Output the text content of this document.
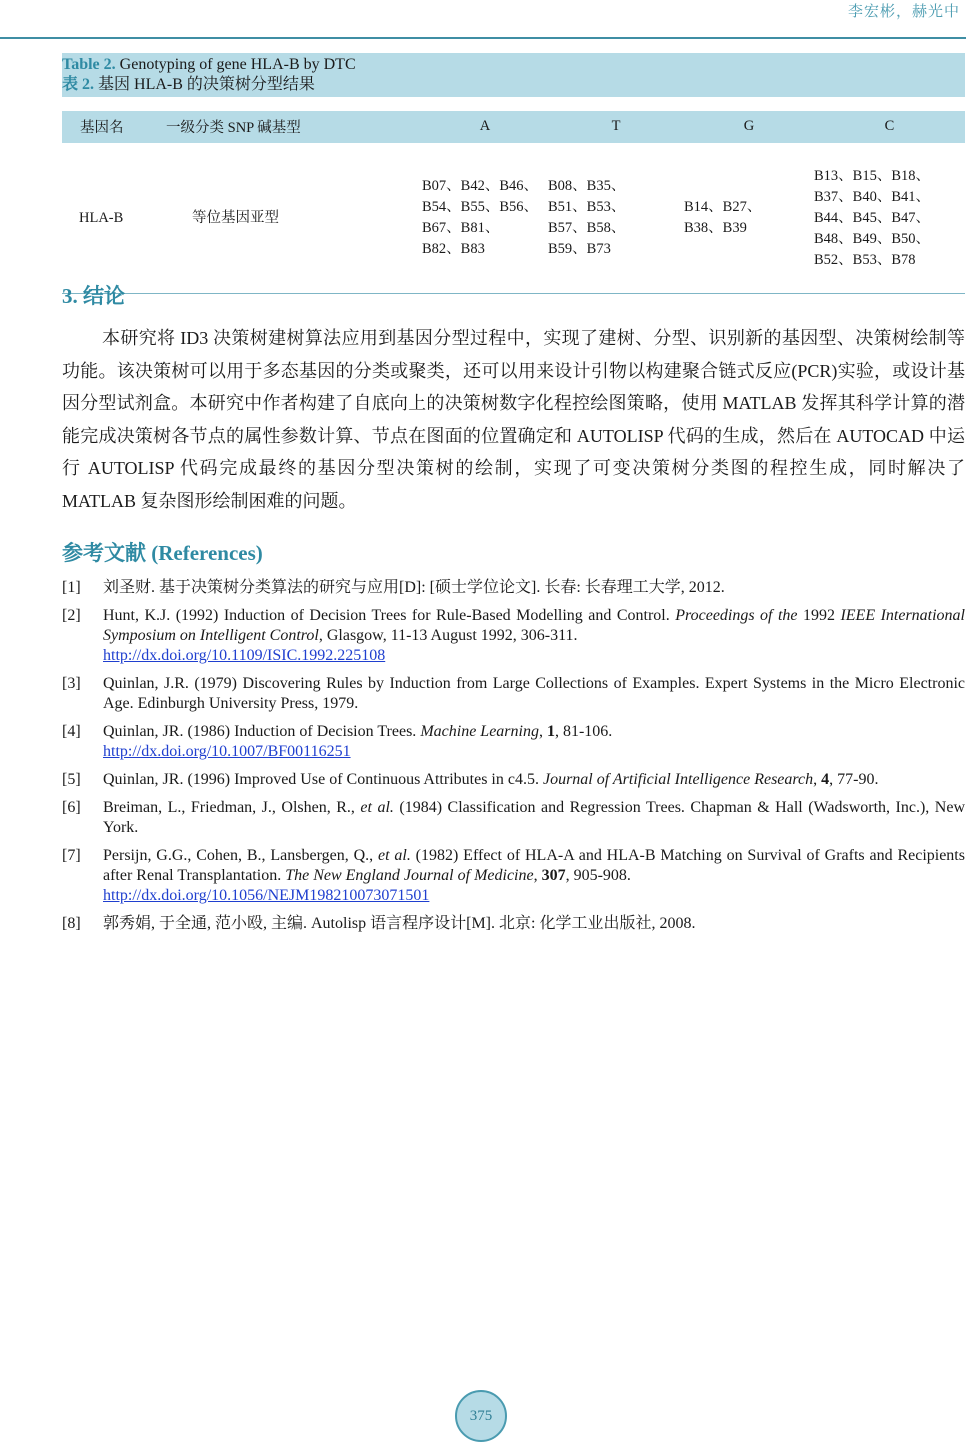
李宏彬，赫光中
Table 2. Genotyping of gene HLA-B by DTC
表 2. 基因 HLA-B 的决策树分型结果
基因名	一级分类 SNP 碱基型	A	T	G	C
HLA-B	等位基因亚型	B07、B42、B46、
B54、B55、B56、
B67、B81、
B82、B83	B08、B35、
B51、B53、
B57、B58、
B59、B73	B14、B27、
B38、B39	B13、B15、B18、
B37、B40、B41、
B44、B45、B47、
B48、B49、B50、
B52、B53、B78
3. 结论
本研究将 ID3 决策树建树算法应用到基因分型过程中，实现了建树、分型、识别新的基因型、决策树绘制等功能。该决策树可以用于多态基因的分类或聚类，还可以用来设计引物以构建聚合链式反应(PCR)实验，或设计基因分型试剂盒。本研究中作者构建了自底向上的决策树数字化程控绘图策略，使用 MATLAB 发挥其科学计算的潜能完成决策树各节点的属性参数计算、节点在图面的位置确定和 AUTOLISP 代码的生成，然后在 AUTOCAD 中运行 AUTOLISP 代码完成最终的基因分型决策树的绘制，实现了可变决策树分类图的程控生成，同时解决了 MATLAB 复杂图形绘制困难的问题。
参考文献 (References)
[1] 刘圣财. 基于决策树分类算法的研究与应用[D]: [硕士学位论文]. 长春: 长春理工大学, 2012.
[2] Hunt, K.J. (1992) Induction of Decision Trees for Rule-Based Modelling and Control. Proceedings of the 1992 IEEE International Symposium on Intelligent Control, Glasgow, 11-13 August 1992, 306-311.
http://dx.doi.org/10.1109/ISIC.1992.225108
[3] Quinlan, J.R. (1979) Discovering Rules by Induction from Large Collections of Examples. Expert Systems in the Micro Electronic Age. Edinburgh University Press, 1979.
[4] Quinlan, JR. (1986) Induction of Decision Trees. Machine Learning, 1, 81-106.
http://dx.doi.org/10.1007/BF00116251
[5] Quinlan, JR. (1996) Improved Use of Continuous Attributes in c4.5. Journal of Artificial Intelligence Research, 4, 77-90.
[6] Breiman, L., Friedman, J., Olshen, R., et al. (1984) Classification and Regression Trees. Chapman & Hall (Wadsworth, Inc.), New York.
[7] Persijn, G.G., Cohen, B., Lansbergen, Q., et al. (1982) Effect of HLA-A and HLA-B Matching on Survival of Grafts and Recipients after Renal Transplantation. The New England Journal of Medicine, 307, 905-908.
http://dx.doi.org/10.1056/NEJM198210073071501
[8] 郭秀娟, 于全通, 范小殴, 主编. Autolisp 语言程序设计[M]. 北京: 化学工业出版社, 2008.
375
